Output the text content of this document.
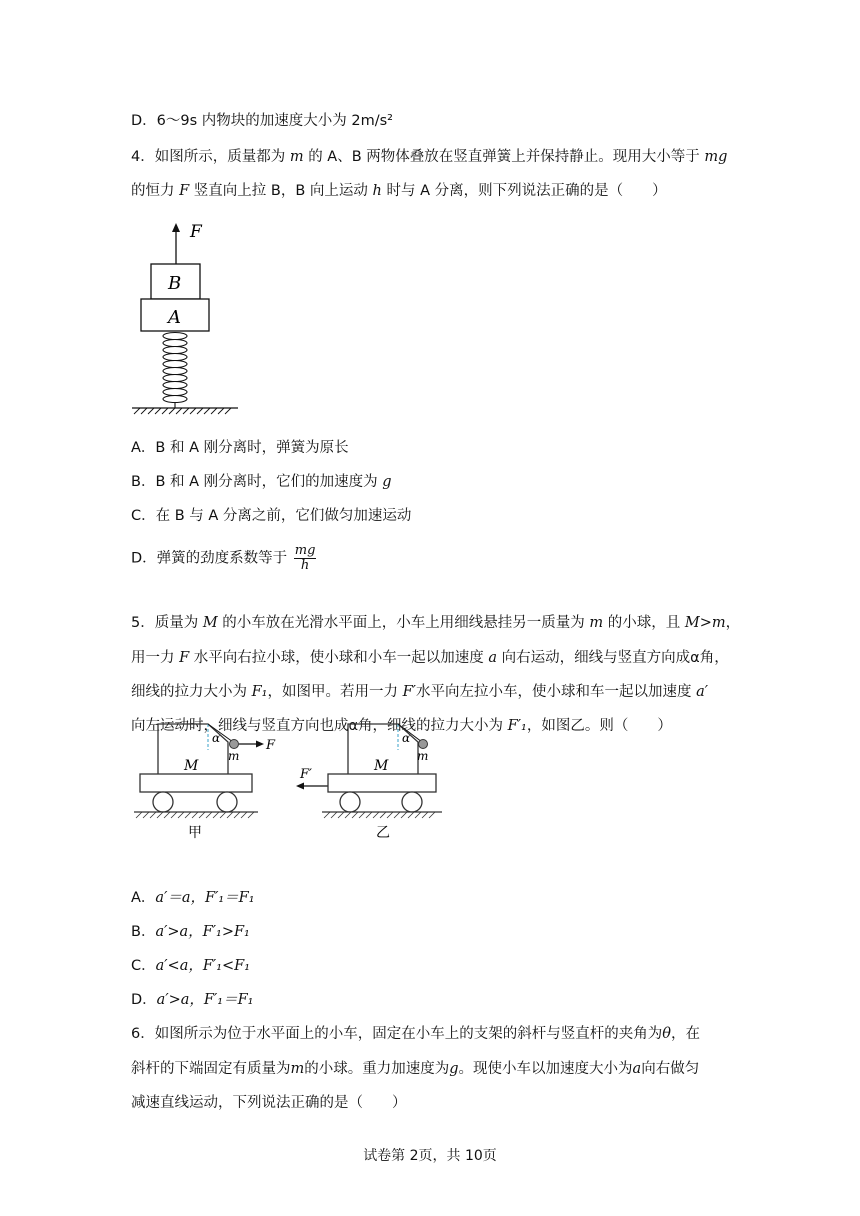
D．6～9s 内物块的加速度大小为 2m/s²
4．如图所示，质量都为 m 的 A、B 两物体叠放在竖直弹簧上并保持静止。现用大小等于 mg
的恒力 F 竖直向上拉 B，B 向上运动 h 时与 A 分离，则下列说法正确的是（　　）
F
B
A
A．B 和 A 刚分离时，弹簧为原长
B．B 和 A 刚分离时，它们的加速度为 g
C．在 B 与 A 分离之前，它们做匀加速运动
D．弹簧的劲度系数等于 $\frac{mg}{h}$
5．质量为 M 的小车放在光滑水平面上，小车上用细线悬挂另一质量为 m 的小球，且 M>m，
用一力 F 水平向右拉小球，使小球和小车一起以加速度 a 向右运动，细线与竖直方向成α角，
细线的拉力大小为 F₁，如图甲。若用一力 F′水平向左拉小车，使小球和车一起以加速度 a′
向左运动时，细线与竖直方向也成α角，细线的拉力大小为 F′₁，如图乙。则（　　）
α
m
F
M
甲
α
m
M
F′
乙
A．a′＝a，F′₁＝F₁
B．a′>a，F′₁>F₁
C．a′<a，F′₁<F₁
D．a′>a，F′₁＝F₁
6．如图所示为位于水平面上的小车，固定在小车上的支架的斜杆与竖直杆的夹角为θ，在
斜杆的下端固定有质量为m的小球。重力加速度为g。现使小车以加速度大小为a向右做匀
减速直线运动，下列说法正确的是（　　）
试卷第 2页，共 10页
